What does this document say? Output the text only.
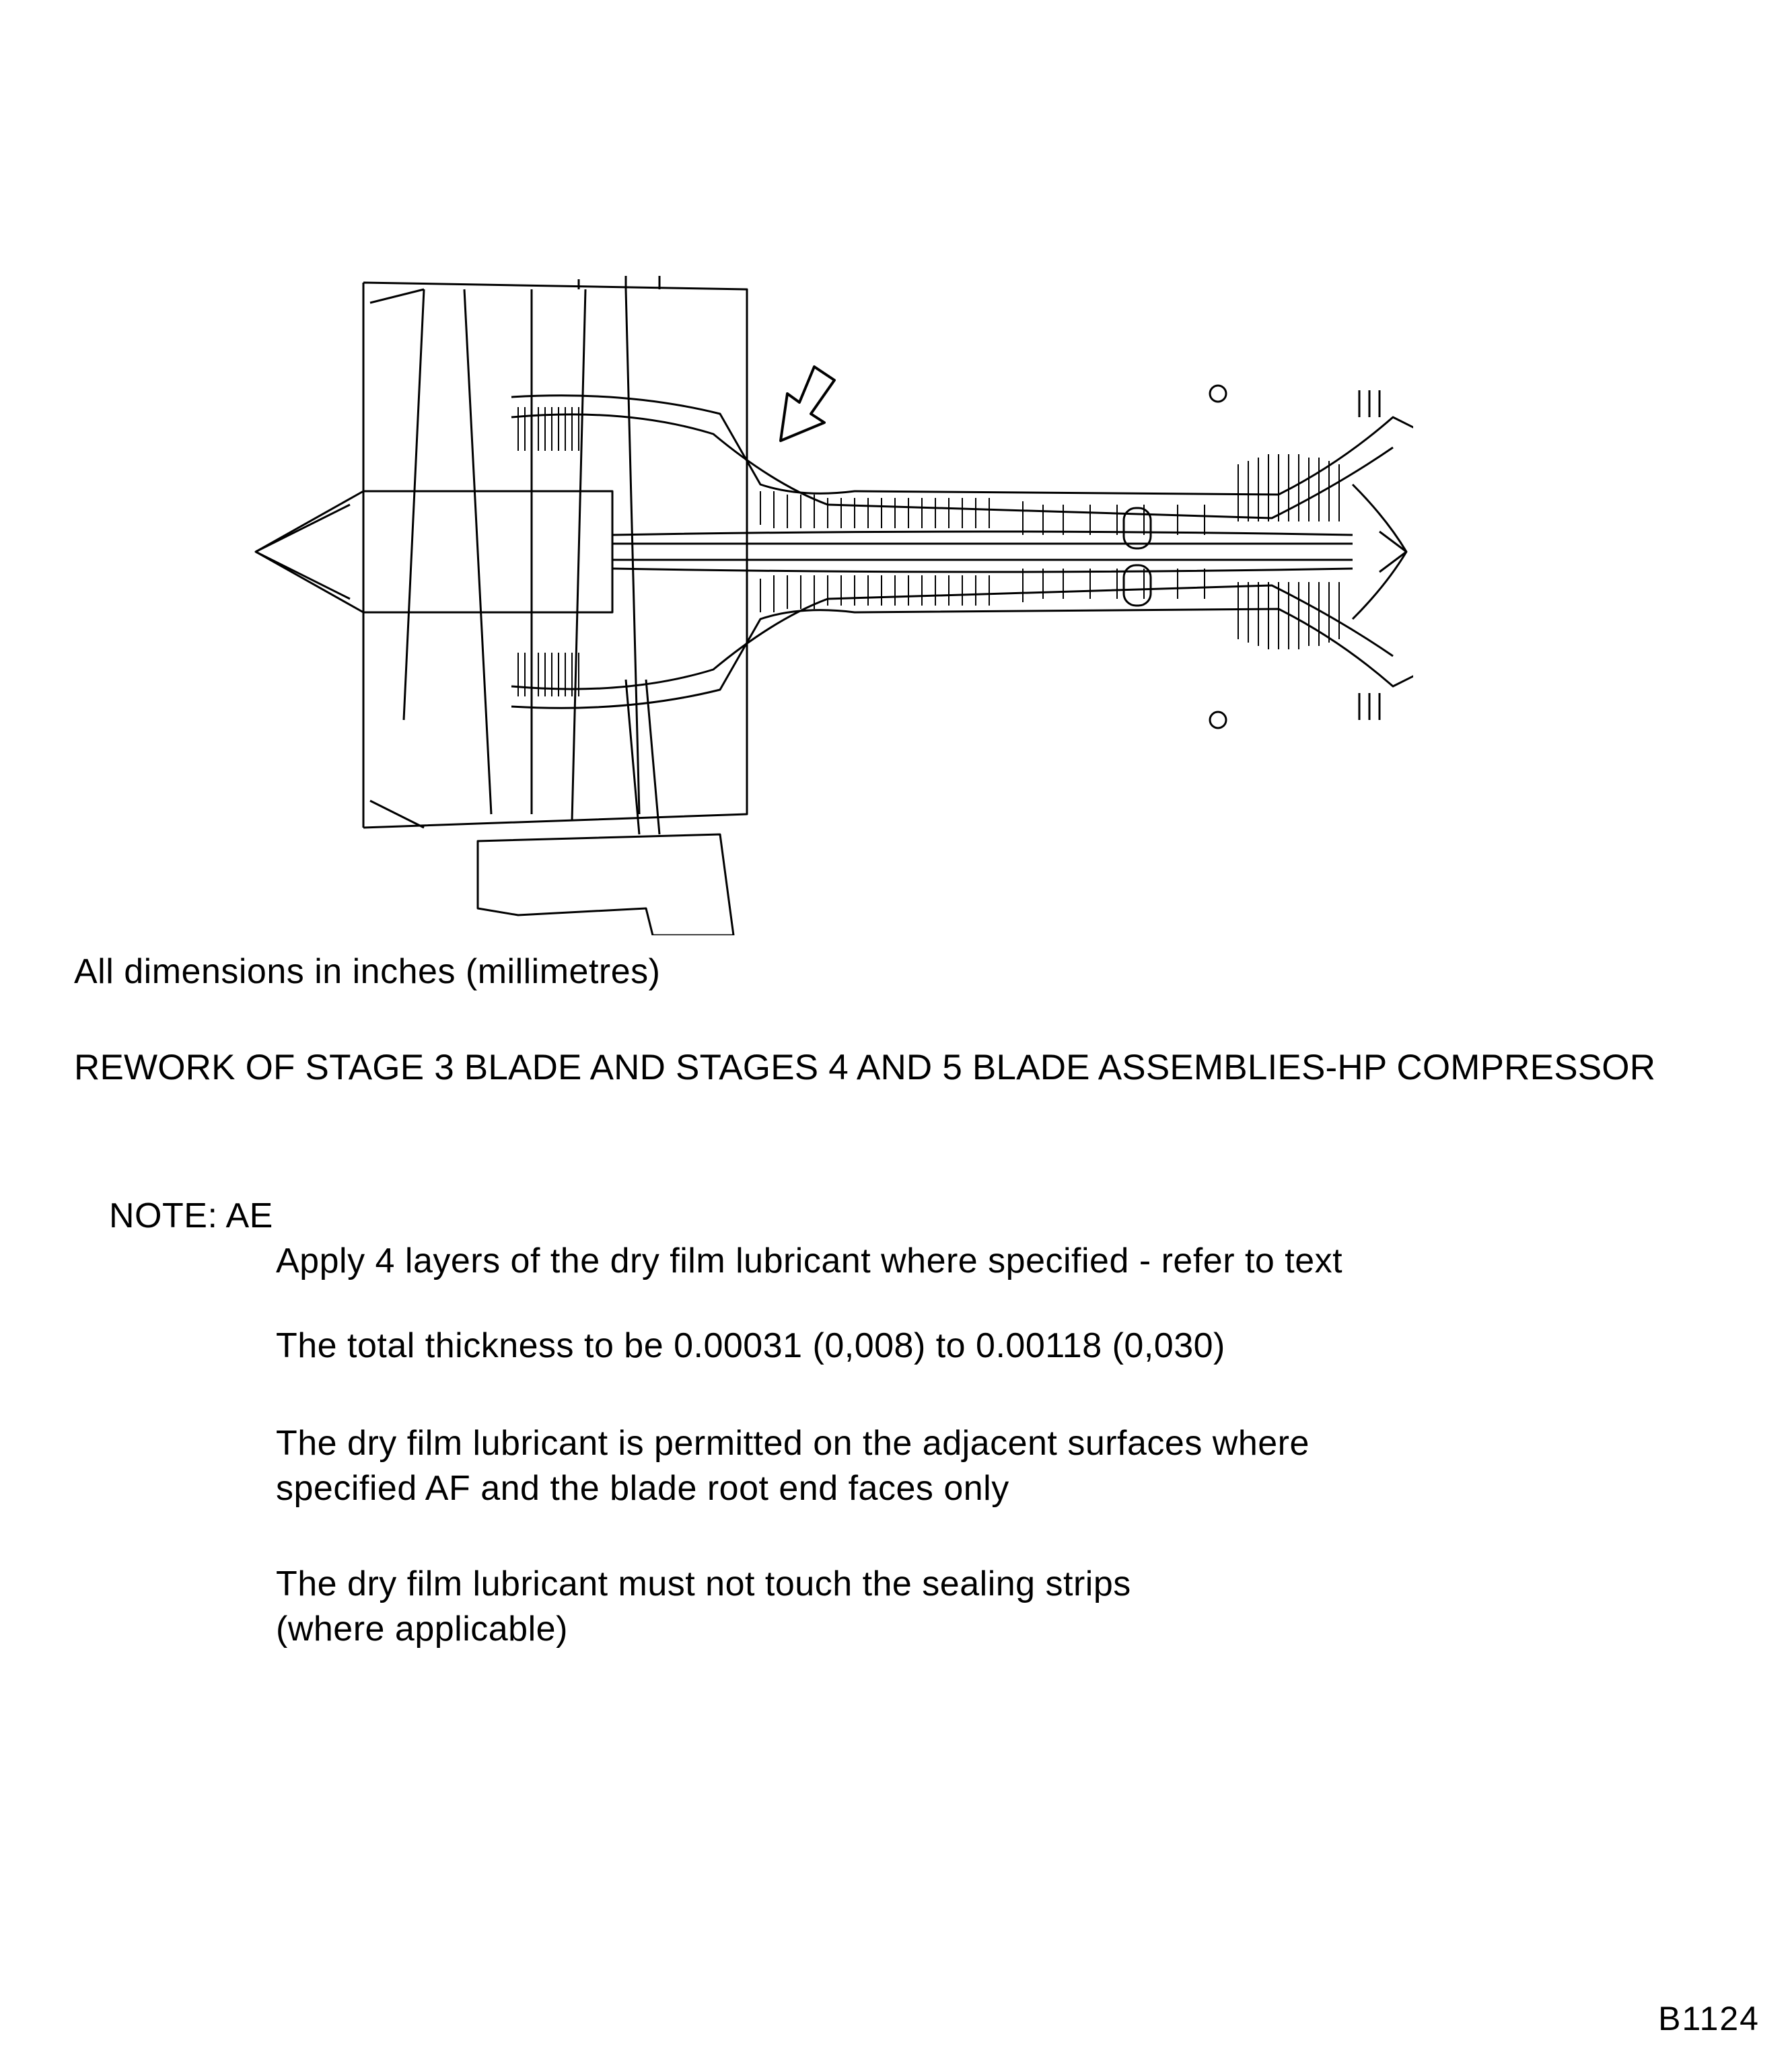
All dimensions in inches (millimetres)
REWORK OF STAGE 3 BLADE AND STAGES 4 AND 5 BLADE ASSEMBLIES-HP COMPRESSOR
NOTE: AE
Apply 4 layers of the dry film lubricant where specified - refer to text
The total thickness to be 0.00031 (0,008) to 0.00118 (0,030)
The dry film lubricant is permitted on the adjacent surfaces where
specified AF and the blade root end faces only
The dry film lubricant must not touch the sealing strips
(where applicable)
B1124
